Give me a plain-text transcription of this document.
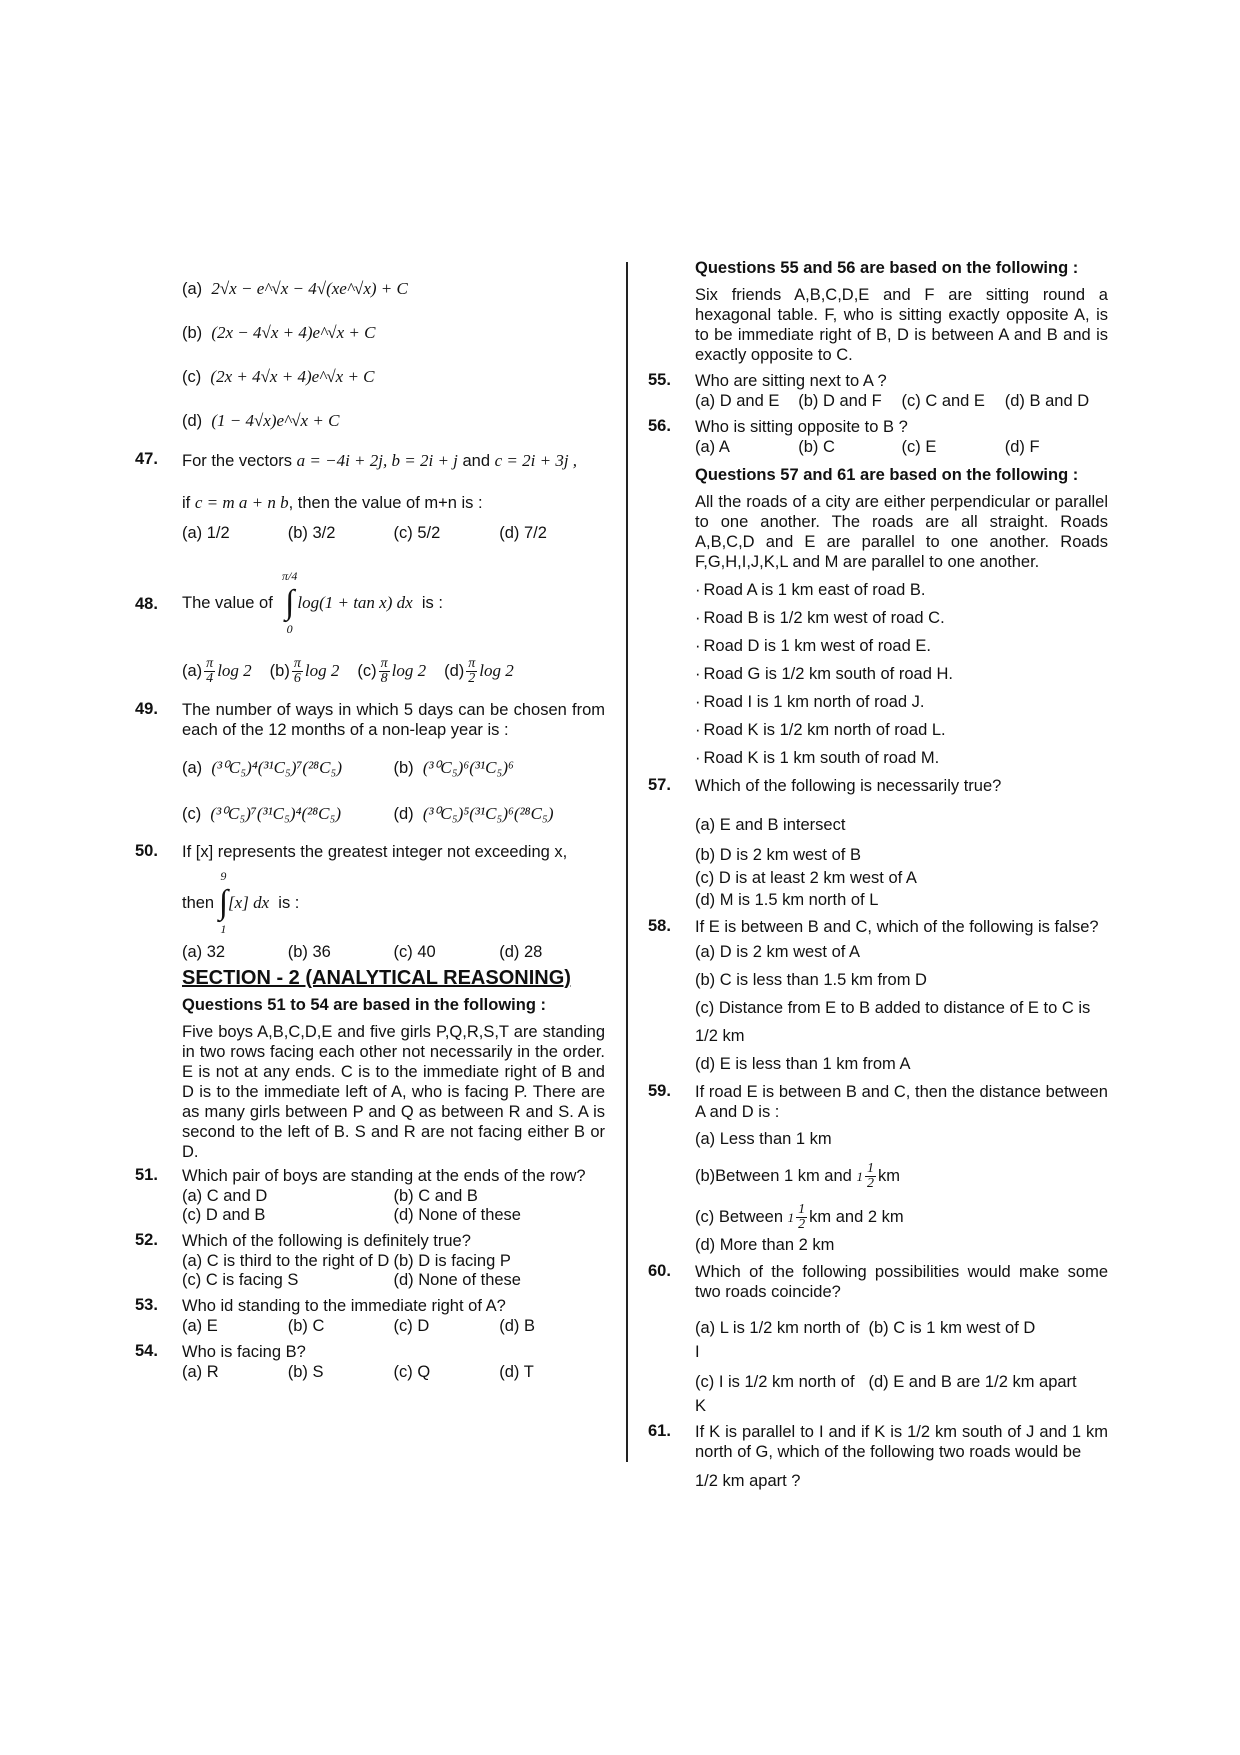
(a) 2√x − e^√x − 4√(xe^√x) + C

(b) (2x − 4√x + 4)e^√x + C

(c) (2x + 4√x + 4)e^√x + C

(d) (1 − 4√x)e^√x + C

47. For the vectors a = −4i + 2j, b = 2i + j and c = 2i + 3j ,

if c = m a + n b, then the value of m+n is :

(a) 1/2	(b) 3/2	(c) 5/2	(d) 7/2
48. The value of

π/4
∫
0
log(1 + tan x) dx
is :
$(a) \frac{\pi}{4}$ log 2 $(b) \frac{\pi}{6}$ log 2 $(c) \frac{\pi}{8}$ log 2 $(d) \frac{\pi}{2}$ log 2
49. The number of ways in which 5 days can be chosen from each of the 12 months of a non-leap year is :

(a) (³⁰C₅)⁴(³¹C₅)⁷(²⁸C₅)	(b) (³⁰C₅)⁶(³¹C₅)⁶
(c) (³⁰C₅)⁷(³¹C₅)⁴(²⁸C₅)	(d) (³⁰C₅)⁵(³¹C₅)⁶(²⁸C₅)
50. If [x] represents the greatest integer not exceeding x,

then

9
∫
1
[x] dx
is :
(a) 32	(b) 36	(c) 40	(d) 28

SECTION - 2 (ANALYTICAL REASONING)

Questions 51 to 54 are based in the following :

Five boys A,B,C,D,E and five girls P,Q,R,S,T are standing in two rows facing each other not necessarily in the order. E is not at any ends. C is to the immediate right of B and D is to the immediate left of A, who is facing P. There are as many girls between P and Q as between R and S. A is second to the left of B. S and R are not facing either B or D.

51. Which pair of boys are standing at the ends of the row?

(a) C and D	(b) C and B
(c) D and B	(d) None of these
52. Which of the following is definitely true?

(a) C is third to the right of D (b) D is facing P
(c) C is facing S	(d) None of these
53. Who id standing to the immediate right of A?

(a) E	(b) C	(c) D	(d) B
54. Who is facing B?

(a) R	(b) S	(c) Q	(d) T

Questions 55 and 56 are based on the following :

Six friends A,B,C,D,E and F are sitting round a hexagonal table. F, who is sitting exactly opposite A, is to be immediate right of B, D is between A and B and is exactly opposite to C.

55. Who are sitting next to A ?

(a) D and E	(b) D and F	(c) C and E	(d) B and D
56. Who is sitting opposite to B ?

(a) A	(b) C	(c) E	(d) F

Questions 57 and 61 are based on the following :

All the roads of a city are either perpendicular or parallel to one another. The roads are all straight. Roads A,B,C,D and E are parallel to one another. Roads F,G,H,I,J,K,L and M are parallel to one another.

· Road A is 1 km east of road B.

· Road B is 1/2 km west of road C.

· Road D is 1 km west of road E.

· Road G is 1/2 km south of road H.

· Road I is 1 km north of road J.

· Road K is 1/2 km north of road L.

· Road K is 1 km south of road M.

57. Which of the following is necessarily true?

(a) E and B intersect

(b) D is 2 km west of B

(c) D is at least 2 km west of A

(d) M is 1.5 km north of L

58. If E is between B and C, which of the following is false?

(a) D is 2 km west of A

(b) C is less than 1.5 km from D

(c) Distance from E to B added to distance of E to C is

1/2 km

(d) E is less than 1 km from A

59. If road E is between B and C, then the distance between A and D is :

(a) Less than 1 km

(b)Between 1 km and $1 \frac{1}{2}$ km

(c) Between $1 \frac{1}{2}$ km and 2 km

(d) More than 2 km

60. Which of the following possibilities would make some two roads coincide?

(a) L is 1/2 km north of I
(b) C is 1 km west of D
(c) I is 1/2 km north of K
(d) E and B are 1/2 km apart
61. If K is parallel to I and if K is 1/2 km south of J and 1 km north of G, which of the following two roads would be

1/2 km apart ?
